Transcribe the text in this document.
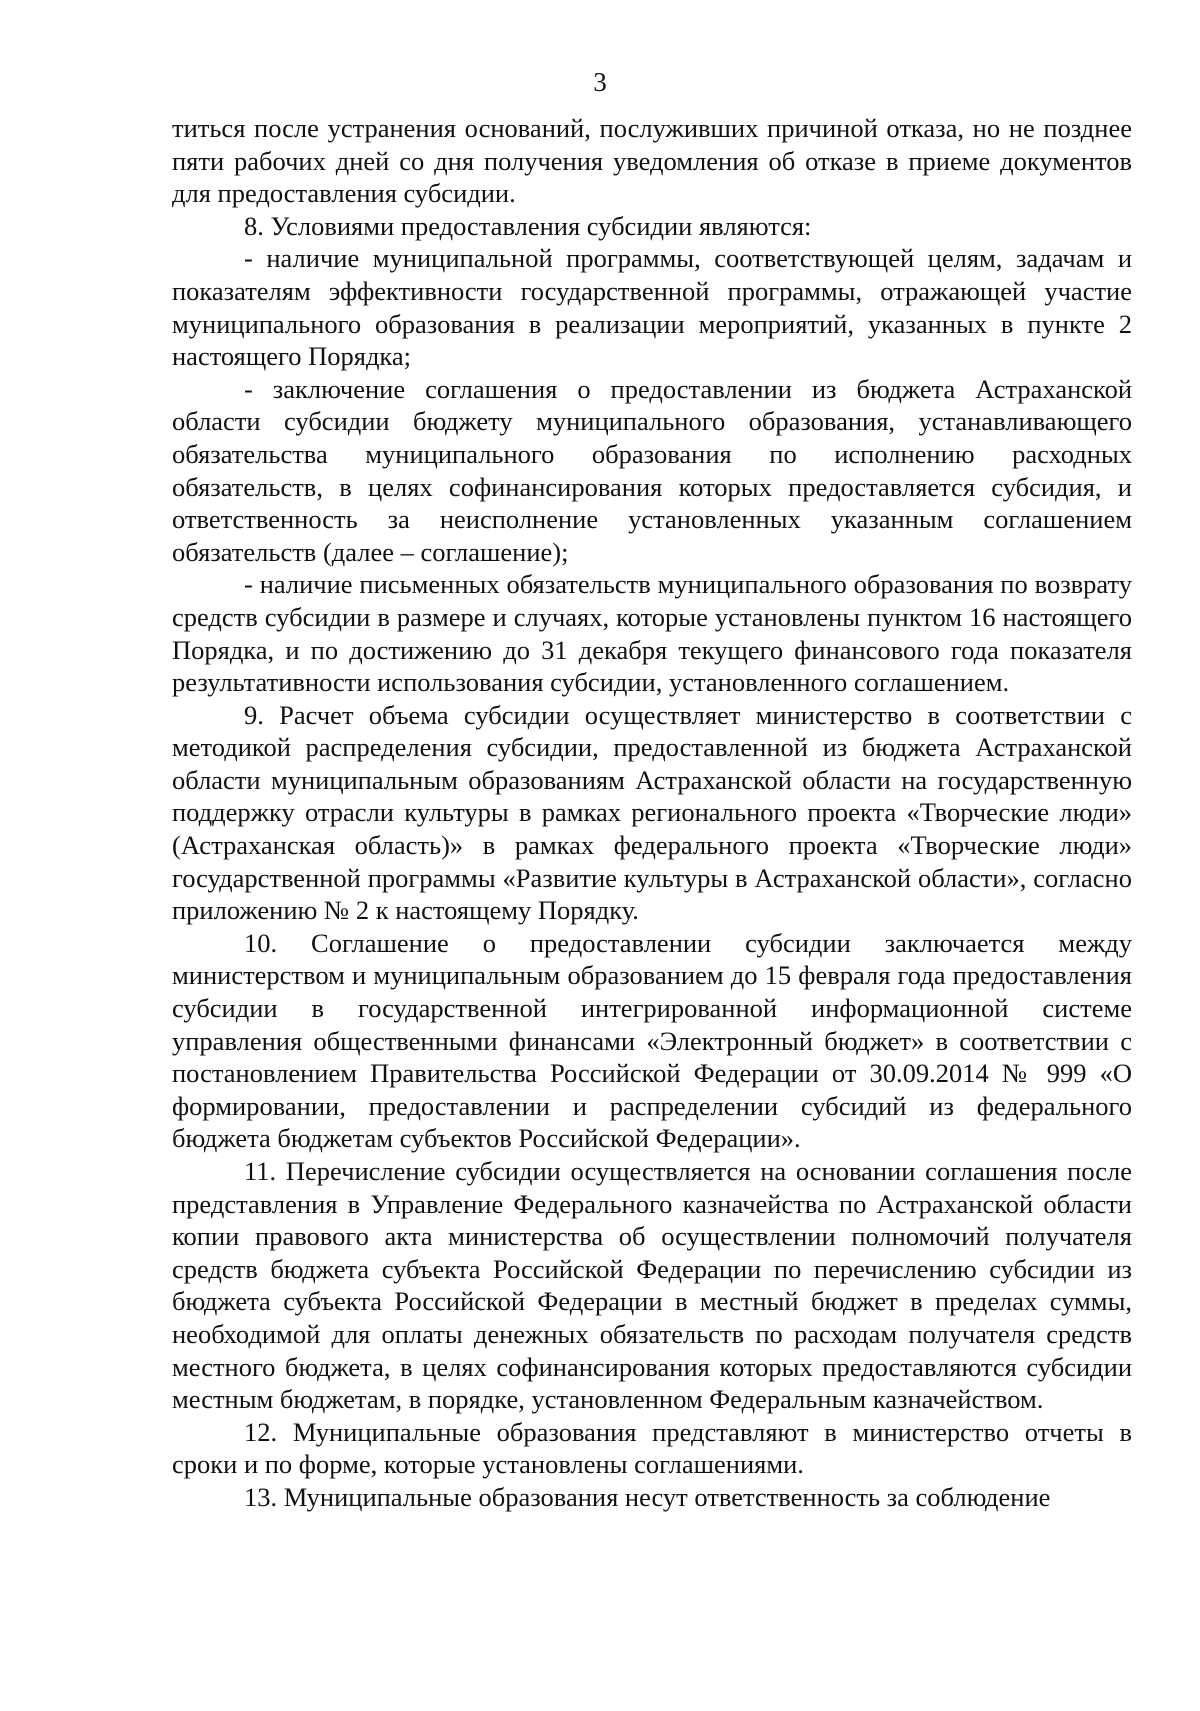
3

титься после устранения оснований, послуживших причиной отказа, но не позднее пяти рабочих дней со дня получения уведомления об отказе в приеме документов для предоставления субсидии.

8. Условиями предоставления субсидии являются:

- наличие муниципальной программы, соответствующей целям, задачам и показателям эффективности государственной программы, отражающей участие муниципального образования в реализации мероприятий, указанных в пункте 2 настоящего Порядка;

- заключение соглашения о предоставлении из бюджета Астраханской области субсидии бюджету муниципального образования, устанавливающего обязательства муниципального образования по исполнению расходных обязательств, в целях софинансирования которых предоставляется субсидия, и ответственность за неисполнение установленных указанным соглашением обязательств (далее – соглашение);

- наличие письменных обязательств муниципального образования по возврату средств субсидии в размере и случаях, которые установлены пунктом 16 настоящего Порядка, и по достижению до 31 декабря текущего финансового года показателя результативности использования субсидии, установленного соглашением.

9. Расчет объема субсидии осуществляет министерство в соответствии с методикой распределения субсидии, предоставленной из бюджета Астраханской области муниципальным образованиям Астраханской области на государственную поддержку отрасли культуры в рамках регионального проекта «Творческие люди» (Астраханская область)» в рамках федерального проекта «Творческие люди» государственной программы «Развитие культуры в Астраханской области», согласно приложению № 2 к настоящему Порядку.

10. Соглашение о предоставлении субсидии заключается между министерством и муниципальным образованием до 15 февраля года предоставления субсидии в государственной интегрированной информационной системе управления общественными финансами «Электронный бюджет» в соответствии с постановлением Правительства Российской Федерации от 30.09.2014 № 999 «О формировании, предоставлении и распределении субсидий из федерального бюджета бюджетам субъектов Российской Федерации».

11. Перечисление субсидии осуществляется на основании соглашения после представления в Управление Федерального казначейства по Астраханской области копии правового акта министерства об осуществлении полномочий получателя средств бюджета субъекта Российской Федерации по перечислению субсидии из бюджета субъекта Российской Федерации в местный бюджет в пределах суммы, необходимой для оплаты денежных обязательств по расходам получателя средств местного бюджета, в целях софинансирования которых предоставляются субсидии местным бюджетам, в порядке, установленном Федеральным казначейством.

12. Муниципальные образования представляют в министерство отчеты в сроки и по форме, которые установлены соглашениями.

13. Муниципальные образования несут ответственность за соблюдение
